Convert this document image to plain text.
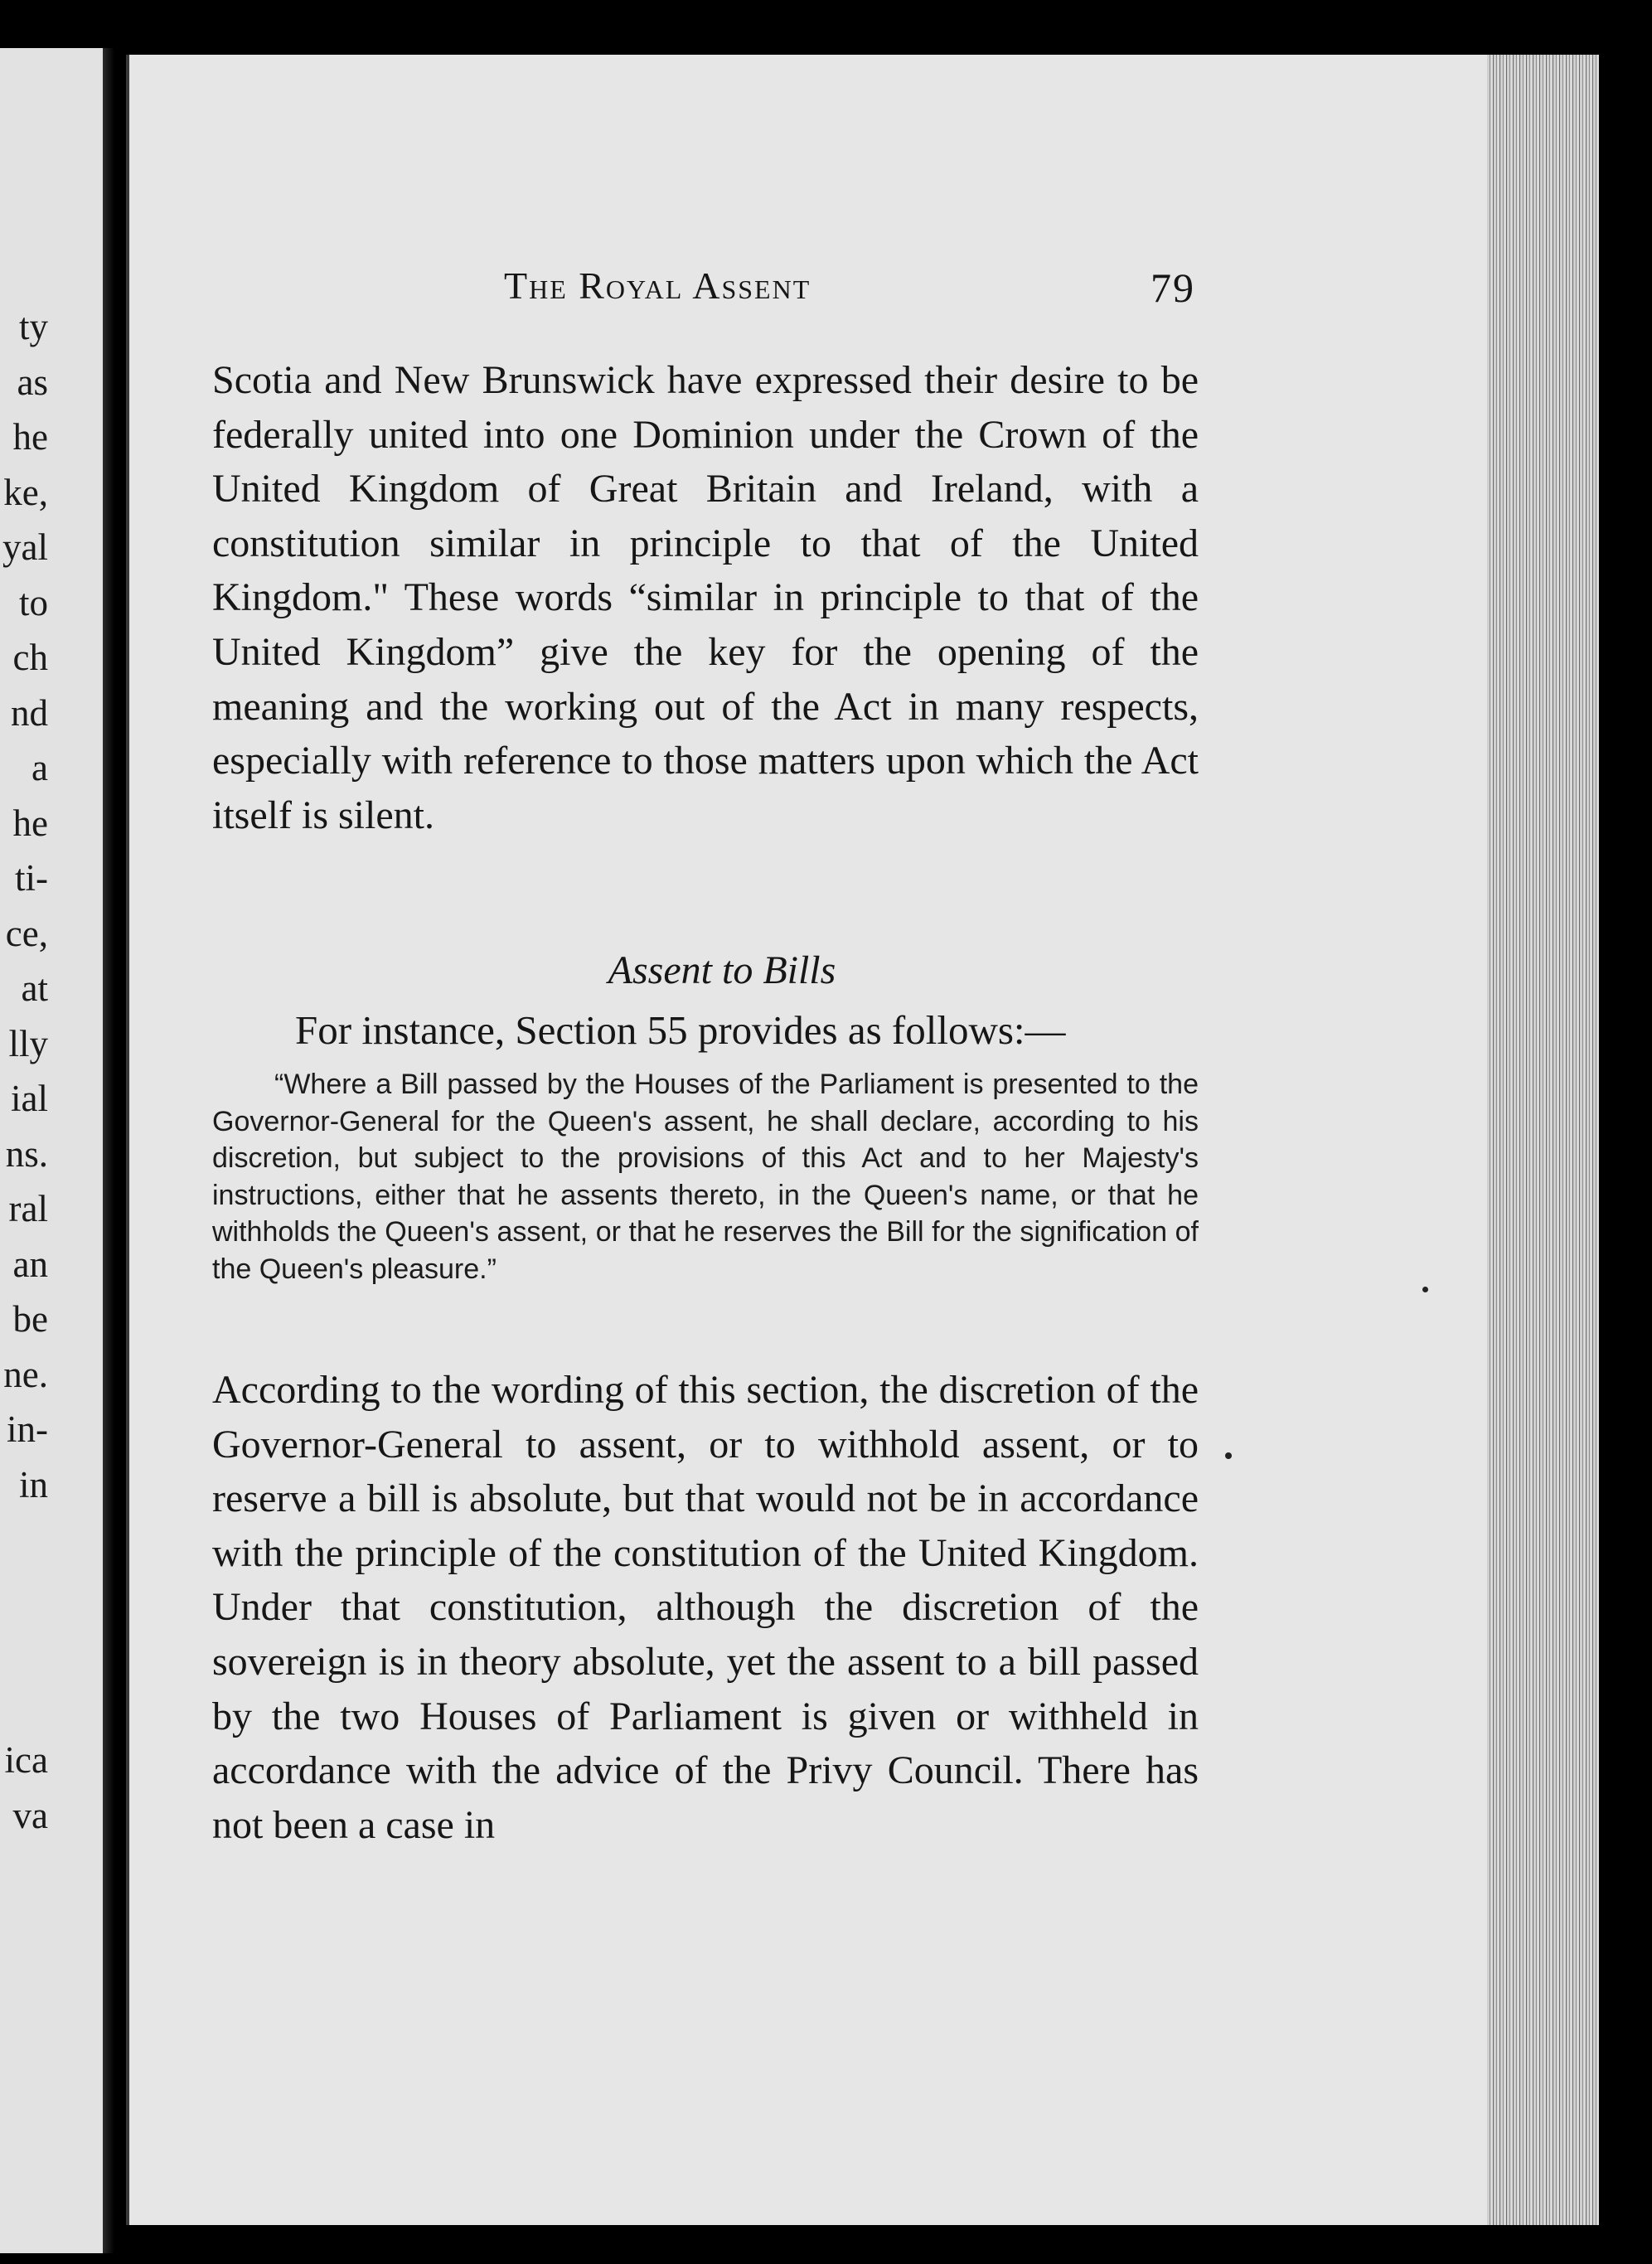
ty
as
he
ke,
yal
to
ch
nd
a
he
ti-
ce,
at
lly
ial
ns.
ral
an
be
ne.
in-
in
ica
va
The Royal Assent	79

Scotia and New Brunswick have expressed their desire to be federally united into one Dominion under the Crown of the United Kingdom of Great Britain and Ireland, with a constitution similar in principle to that of the United Kingdom." These words “similar in principle to that of the United Kingdom” give the key for the opening of the meaning and the working out of the Act in many respects, especially with reference to those matters upon which the Act itself is silent.

Assent to Bills

For instance, Section 55 provides as follows:—

“Where a Bill passed by the Houses of the Parliament is presented to the Governor-General for the Queen's assent, he shall declare, according to his discretion, but subject to the provisions of this Act and to her Majesty's instructions, either that he assents thereto, in the Queen's name, or that he withholds the Queen's assent, or that he reserves the Bill for the signification of the Queen's pleasure.”

According to the wording of this section, the discretion of the Governor-General to assent, or to withhold assent, or to reserve a bill is absolute, but that would not be in accordance with the principle of the constitution of the United Kingdom. Under that constitution, although the discretion of the sovereign is in theory absolute, yet the assent to a bill passed by the two Houses of Parliament is given or withheld in accordance with the advice of the Privy Council. There has not been a case in
